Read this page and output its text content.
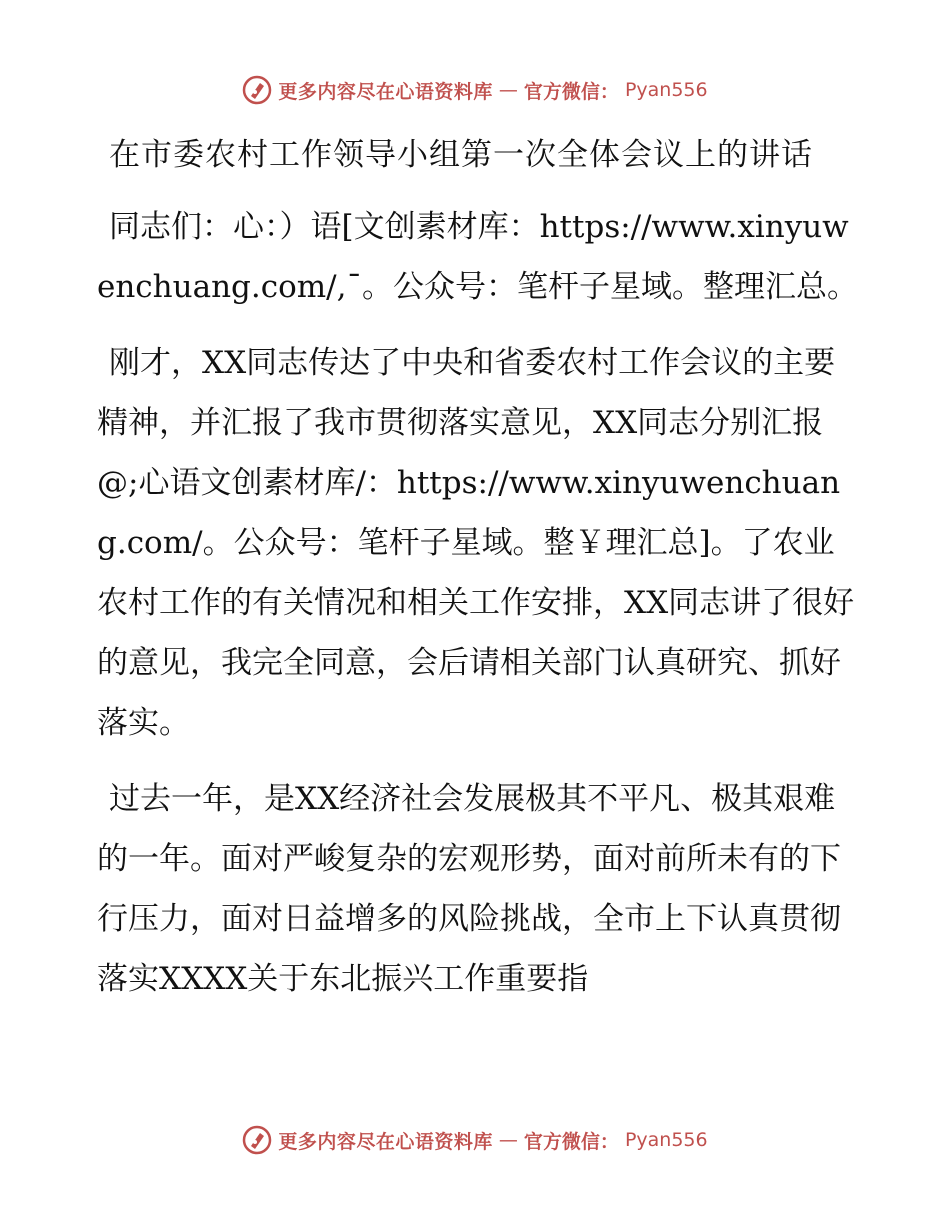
更多内容尽在心语资料库 — 官方微信： Pyan556
在市委农村工作领导小组第一次全体会议上的讲话

同志们：心：）语[文创素材库：https://www.xinyuwenchuang.com/,¯。公众号：笔杆子星域。整理汇总。

刚才，XX同志传达了中央和省委农村工作会议的主要精神，并汇报了我市贯彻落实意见，XX同志分别汇报@;心语文创素材库/：https://www.xinyuwenchuang.com/。公众号：笔杆子星域。整￥理汇总]。了农业农村工作的有关情况和相关工作安排，XX同志讲了很好的意见，我完全同意，会后请相关部门认真研究、抓好落实。

过去一年，是XX经济社会发展极其不平凡、极其艰难的一年。面对严峻复杂的宏观形势，面对前所未有的下行压力，面对日益增多的风险挑战，全市上下认真贯彻落实XXXX关于东北振兴工作重要指

更多内容尽在心语资料库 — 官方微信： Pyan556
